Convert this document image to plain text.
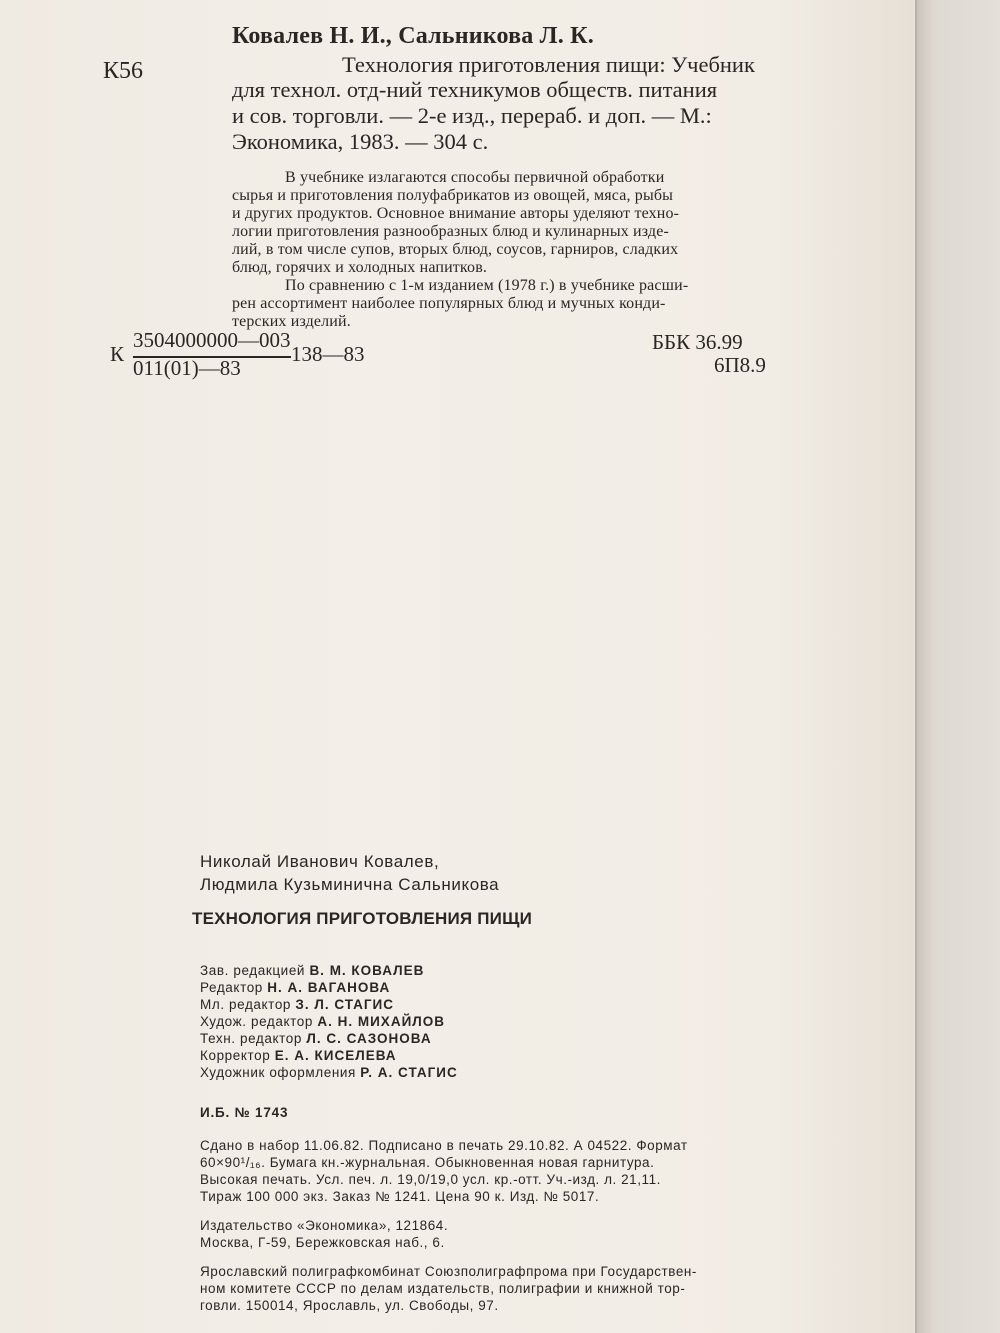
К56
Ковалев Н. И., Сальникова Л. К.
Технология приготовления пищи: Учебник
для технол. отд-ний техникумов обществ. питания
и сов. торговли. — 2-е изд., перераб. и доп. — М.:
Экономика, 1983. — 304 с.
В учебнике излагаются способы первичной обработки
сырья и приготовления полуфабрикатов из овощей, мяса, рыбы
и других продуктов. Основное внимание авторы уделяют техно-
логии приготовления разнообразных блюд и кулинарных изде-
лий, в том числе супов, вторых блюд, соусов, гарниров, сладких
блюд, горячих и холодных напитков.
По сравнению с 1-м изданием (1978 г.) в учебнике расши-
рен ассортимент наиболее популярных блюд и мучных конди-
терских изделий.
К
3504000000—003
011(01)—83
138—83	ББК 36.99
6П8.9
Николай Иванович Ковалев,
Людмила Кузьминична Сальникова
ТЕХНОЛОГИЯ ПРИГОТОВЛЕНИЯ ПИЩИ
Зав. редакцией В. М. КОВАЛЕВ
Редактор Н. А. ВАГАНОВА
Мл. редактор З. Л. СТАГИС
Худож. редактор А. Н. МИХАЙЛОВ
Техн. редактор Л. С. САЗОНОВА
Корректор Е. А. КИСЕЛЕВА
Художник оформления Р. А. СТАГИС
И.Б. № 1743
Сдано в набор 11.06.82. Подписано в печать 29.10.82. А 04522. Формат
60×90¹/₁₆. Бумага кн.-журнальная. Обыкновенная новая гарнитура.
Высокая печать. Усл. печ. л. 19,0/19,0 усл. кр.-отт. Уч.-изд. л. 21,11.
Тираж 100 000 экз. Заказ № 1241. Цена 90 к. Изд. № 5017.
Издательство «Экономика», 121864.
Москва, Г-59, Бережковская наб., 6.
Ярославский полиграфкомбинат Союзполиграфпрома при Государствен-
ном комитете СССР по делам издательств, полиграфии и книжной тор-
говли. 150014, Ярославль, ул. Свободы, 97.
